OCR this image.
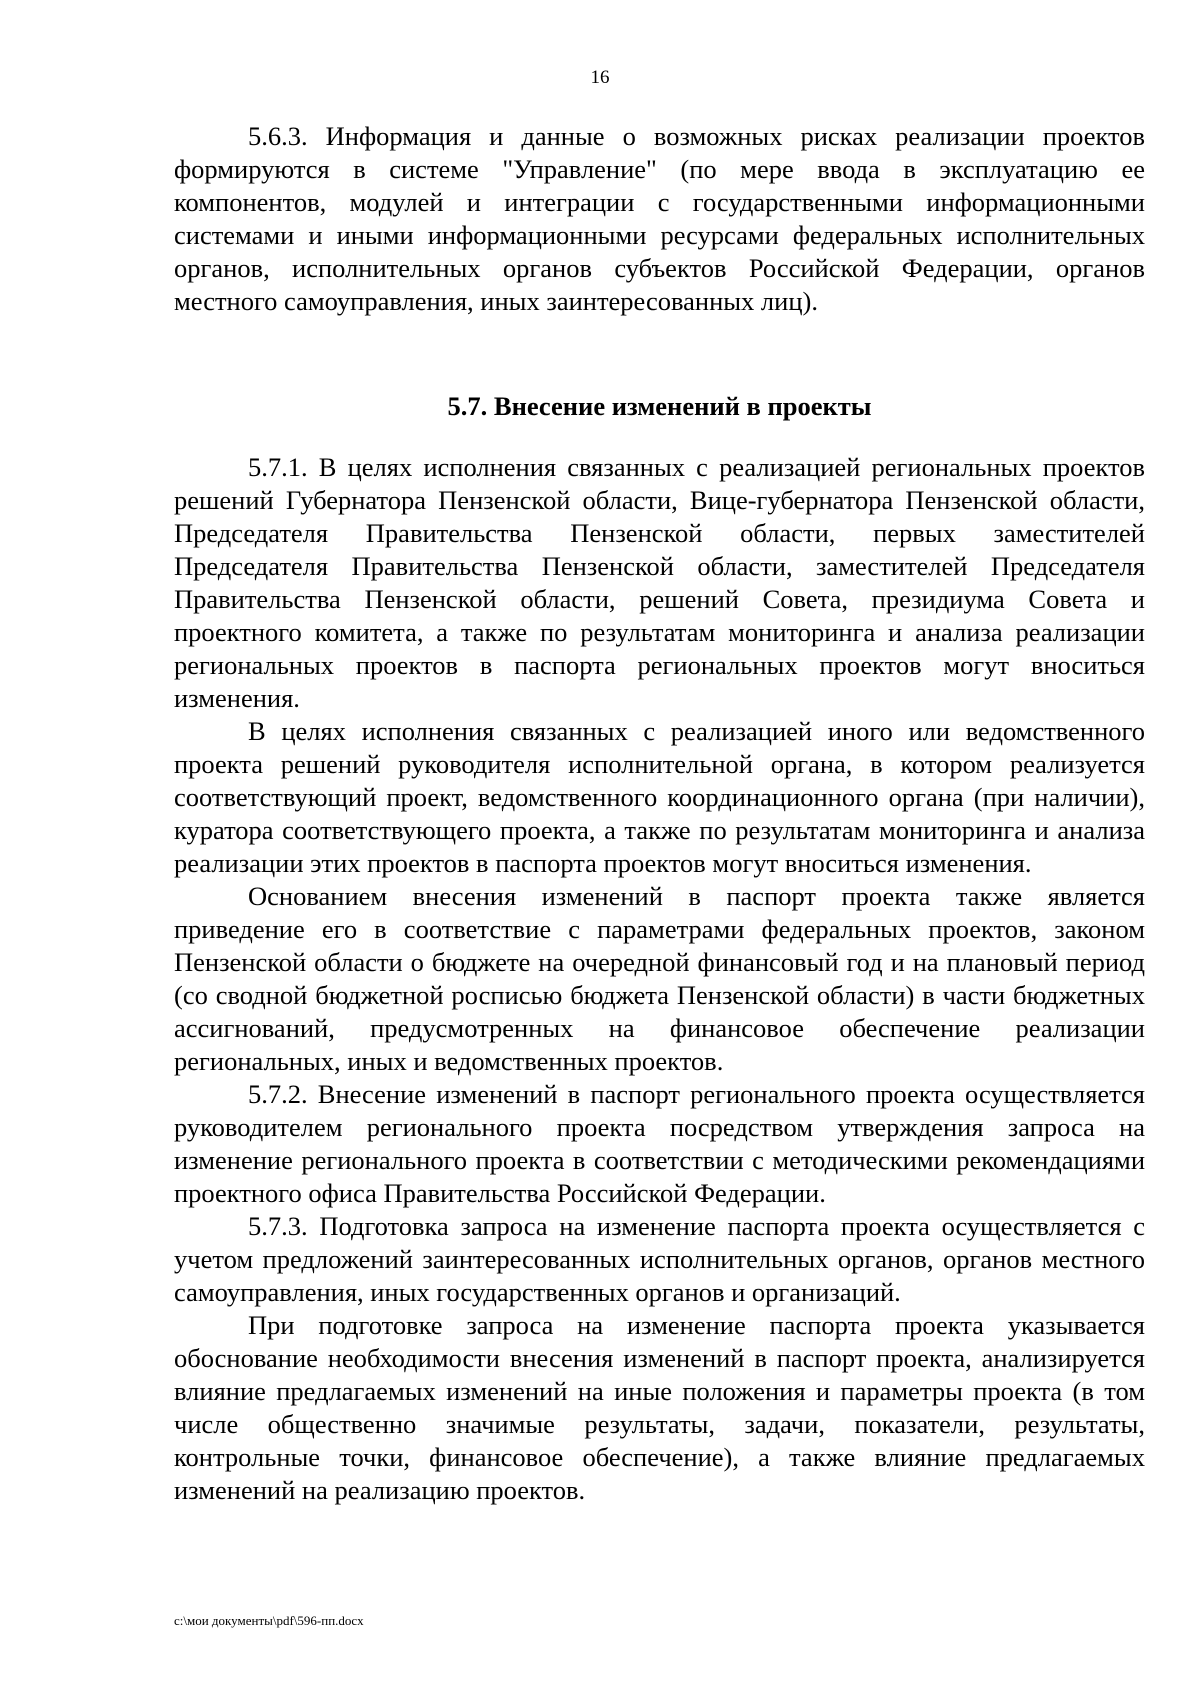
16

5.6.3. Информация и данные о возможных рисках реализации проектов формируются в системе "Управление" (по мере ввода в эксплуатацию ее компонентов, модулей и интеграции с государственными информационными системами и иными информационными ресурсами федеральных исполнительных органов, исполнительных органов субъектов Российской Федерации, органов местного самоуправления, иных заинтересованных лиц).

5.7. Внесение изменений в проекты

5.7.1. В целях исполнения связанных с реализацией региональных проектов решений Губернатора Пензенской области, Вице-губернатора Пензенской области, Председателя Правительства Пензенской области, первых заместителей Председателя Правительства Пензенской области, заместителей Председателя Правительства Пензенской области, решений Совета, президиума Совета и проектного комитета, а также по результатам мониторинга и анализа реализации региональных проектов в паспорта региональных проектов могут вноситься изменения.

В целях исполнения связанных с реализацией иного или ведомственного проекта решений руководителя исполнительной органа, в котором реализуется соответствующий проект, ведомственного координационного органа (при наличии), куратора соответствующего проекта, а также по результатам мониторинга и анализа реализации этих проектов в паспорта проектов могут вноситься изменения.

Основанием внесения изменений в паспорт проекта также является приведение его в соответствие с параметрами федеральных проектов, законом Пензенской области о бюджете на очередной финансовый год и на плановый период (со сводной бюджетной росписью бюджета Пензенской области) в части бюджетных ассигнований, предусмотренных на финансовое обеспечение реализации региональных, иных и ведомственных проектов.

5.7.2. Внесение изменений в паспорт регионального проекта осуществляется руководителем регионального проекта посредством утверждения запроса на изменение регионального проекта в соответствии с методическими рекомендациями проектного офиса Правительства Российской Федерации.

5.7.3. Подготовка запроса на изменение паспорта проекта осуществляется с учетом предложений заинтересованных исполнительных органов, органов местного самоуправления, иных государственных органов и организаций.

При подготовке запроса на изменение паспорта проекта указывается обоснование необходимости внесения изменений в паспорт проекта, анализируется влияние предлагаемых изменений на иные положения и параметры проекта (в том числе общественно значимые результаты, задачи, показатели, результаты, контрольные точки, финансовое обеспечение), а также влияние предлагаемых изменений на реализацию проектов.

c:\мои документы\pdf\596-пп.docx
